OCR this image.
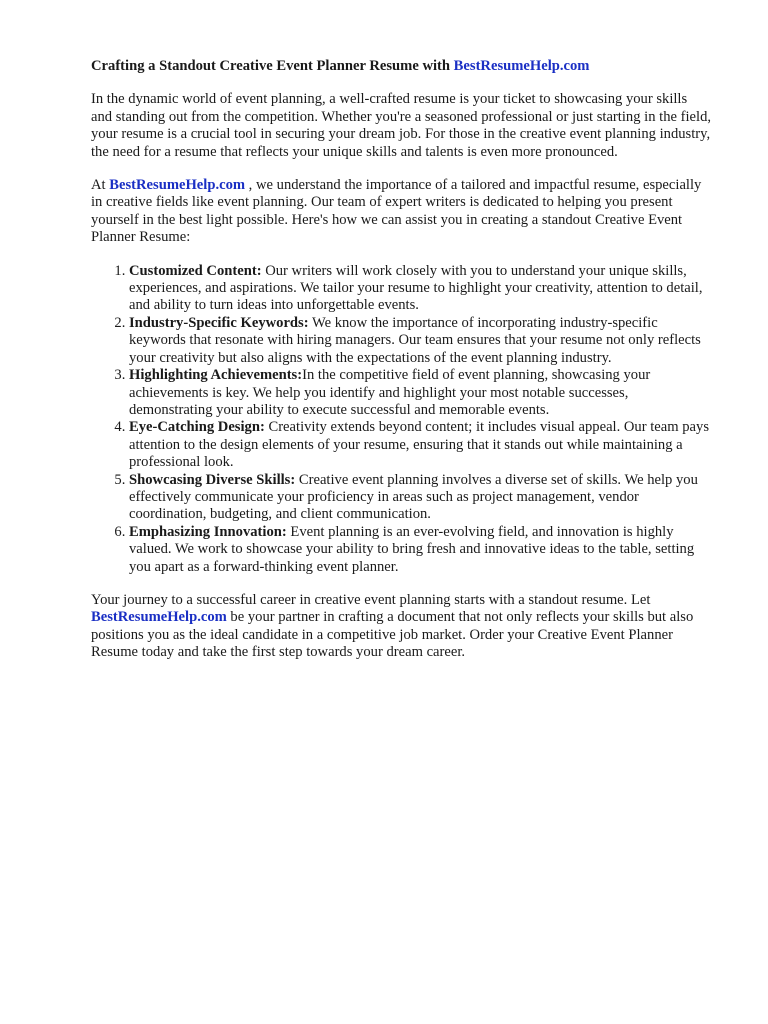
Crafting a Standout Creative Event Planner Resume with BestResumeHelp.com

In the dynamic world of event planning, a well-crafted resume is your ticket to showcasing your skills and standing out from the competition. Whether you're a seasoned professional or just starting in the field, your resume is a crucial tool in securing your dream job. For those in the creative event planning industry, the need for a resume that reflects your unique skills and talents is even more pronounced.

At BestResumeHelp.com , we understand the importance of a tailored and impactful resume, especially in creative fields like event planning. Our team of expert writers is dedicated to helping you present yourself in the best light possible. Here's how we can assist you in creating a standout Creative Event Planner Resume:

1. Customized Content: Our writers will work closely with you to understand your unique skills, experiences, and aspirations. We tailor your resume to highlight your creativity, attention to detail, and ability to turn ideas into unforgettable events.
2. Industry-Specific Keywords: We know the importance of incorporating industry-specific keywords that resonate with hiring managers. Our team ensures that your resume not only reflects your creativity but also aligns with the expectations of the event planning industry.
3. Highlighting Achievements:In the competitive field of event planning, showcasing your achievements is key. We help you identify and highlight your most notable successes, demonstrating your ability to execute successful and memorable events.
4. Eye-Catching Design: Creativity extends beyond content; it includes visual appeal. Our team pays attention to the design elements of your resume, ensuring that it stands out while maintaining a professional look.
5. Showcasing Diverse Skills: Creative event planning involves a diverse set of skills. We help you effectively communicate your proficiency in areas such as project management, vendor coordination, budgeting, and client communication.
6. Emphasizing Innovation: Event planning is an ever-evolving field, and innovation is highly valued. We work to showcase your ability to bring fresh and innovative ideas to the table, setting you apart as a forward-thinking event planner.

Your journey to a successful career in creative event planning starts with a standout resume. Let BestResumeHelp.com be your partner in crafting a document that not only reflects your skills but also positions you as the ideal candidate in a competitive job market. Order your Creative Event Planner Resume today and take the first step towards your dream career.
